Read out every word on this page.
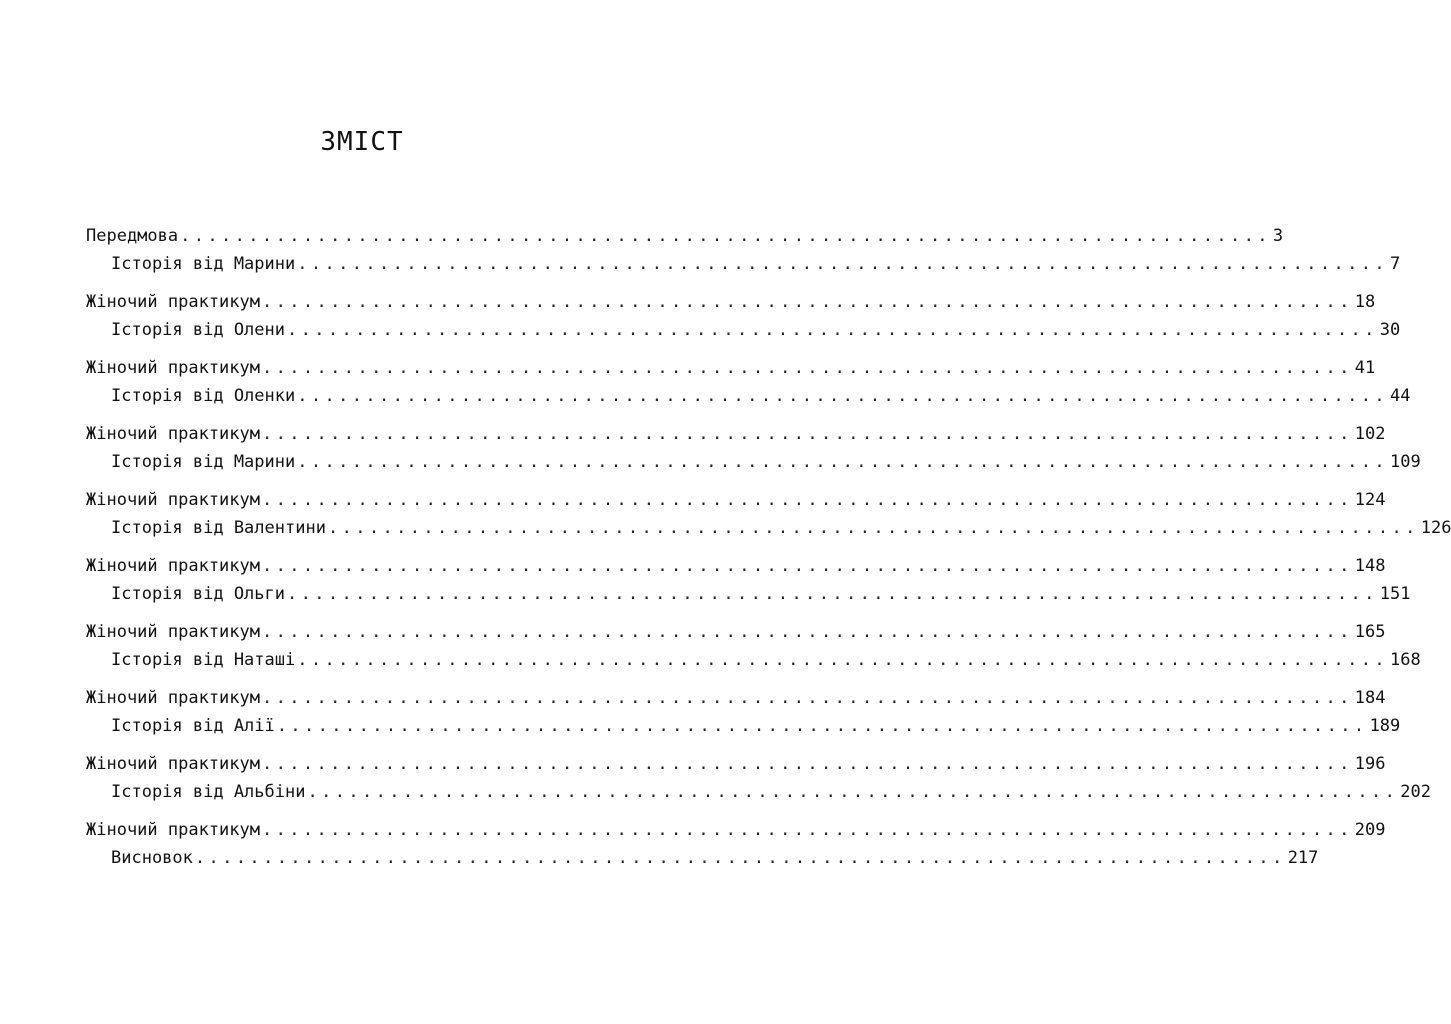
ЗМІСТ
Передмова ................................................................................ 3
Історія від Марини ................................................................................ 7
Жіночий практикум ................................................................................ 18
Історія від Олени ................................................................................ 30
Жіночий практикум ................................................................................ 41
Історія від Оленки ................................................................................ 44
Жіночий практикум ................................................................................ 102
Історія від Марини ................................................................................ 109
Жіночий практикум ................................................................................ 124
Історія від Валентини ................................................................................ 126
Жіночий практикум ................................................................................ 148
Історія від Ольги ................................................................................ 151
Жіночий практикум ................................................................................ 165
Історія від Наташі ................................................................................ 168
Жіночий практикум ................................................................................ 184
Історія від Алії ................................................................................ 189
Жіночий практикум ................................................................................ 196
Історія від Альбіни ................................................................................ 202
Жіночий практикум ................................................................................ 209
Висновок ................................................................................ 217
